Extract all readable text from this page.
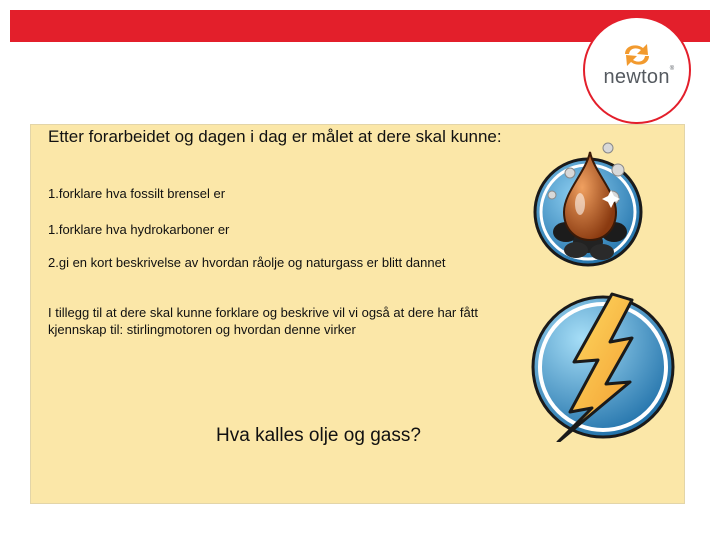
newton®
Etter forarbeidet og dagen i dag er målet at dere skal kunne:
1.forklare hva fossilt brensel er
1.forklare hva hydrokarboner er
2.gi en kort beskrivelse av hvordan råolje og naturgass er blitt dannet
I tillegg til at dere skal kunne forklare og beskrive vil vi også at dere har fått kjennskap til: stirlingmotoren og hvordan denne virker
Hva kalles olje og gass?
